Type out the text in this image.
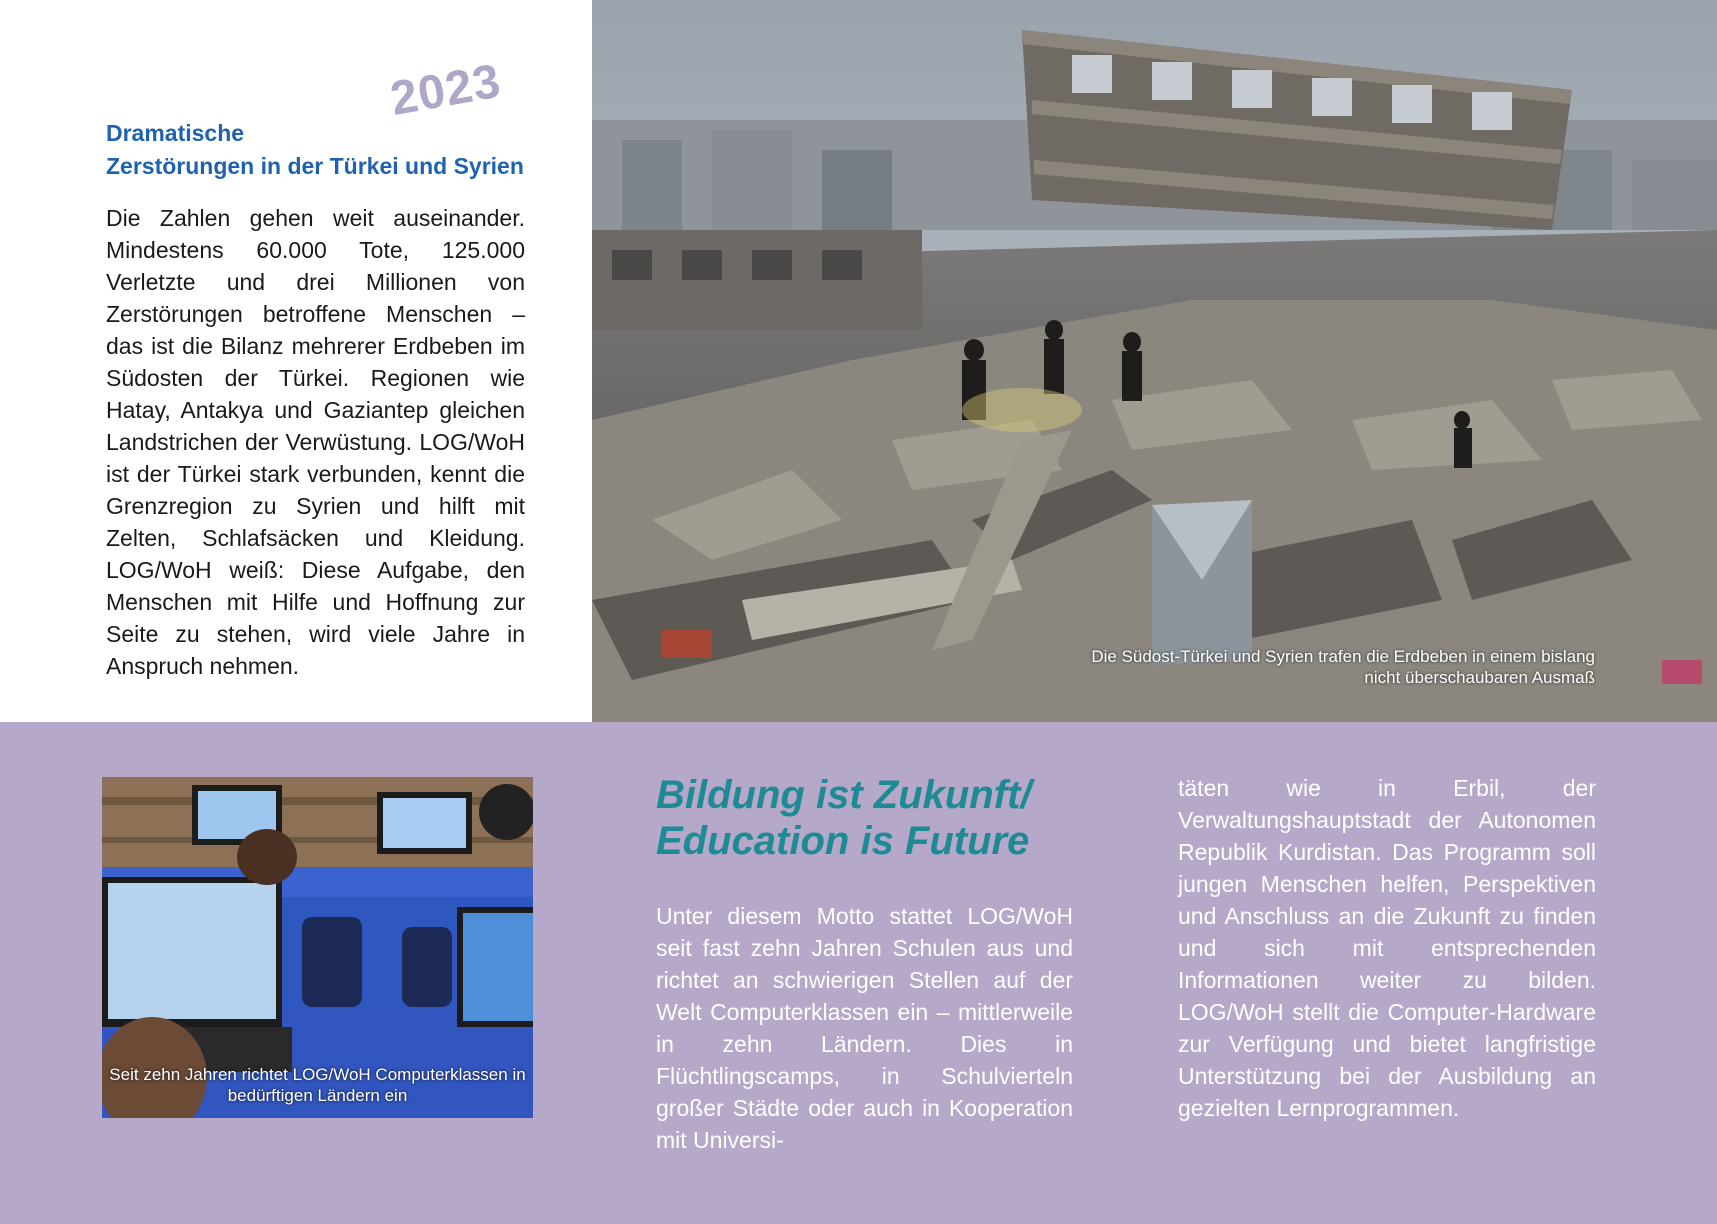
2023
Dramatische
Zerstörungen in der Türkei und Syrien

Die Zahlen gehen weit auseinander. Mindestens 60.000 Tote, 125.000 Verletzte und drei Millionen von Zerstörungen betroffene Menschen – das ist die Bilanz mehrerer Erdbeben im Südosten der Türkei. Regionen wie Hatay, Antakya und Gaziantep gleichen Landstrichen der Verwüstung. LOG/WoH ist der Türkei stark verbunden, kennt die Grenzregion zu Syrien und hilft mit Zelten, Schlafsäcken und Kleidung. LOG/WoH weiß: Diese Aufgabe, den Menschen mit Hilfe und Hoffnung zur Seite zu stehen, wird viele Jahre in Anspruch nehmen.	Die Südost-Türkei und Syrien trafen die Erdbeben in einem bislang nicht überschaubaren Ausmaß

Seit zehn Jahren richtet LOG/WoH Computerklassen in bedürftigen Ländern ein

Bildung ist Zukunft/
Education is Future

Unter diesem Motto stattet LOG/WoH seit fast zehn Jahren Schulen aus und richtet an schwierigen Stellen auf der Welt Computerklassen ein – mittlerweile in zehn Ländern. Dies in Flüchtlingscamps, in Schulvierteln großer Städte oder auch in Kooperation mit Universi-

täten wie in Erbil, der Verwaltungshauptstadt der Autonomen Republik Kurdistan. Das Programm soll jungen Menschen helfen, Perspektiven und Anschluss an die Zukunft zu finden und sich mit entsprechenden Informationen weiter zu bilden. LOG/WoH stellt die Computer-Hardware zur Verfügung und bietet langfristige Unterstützung bei der Ausbildung an gezielten Lernprogrammen.
